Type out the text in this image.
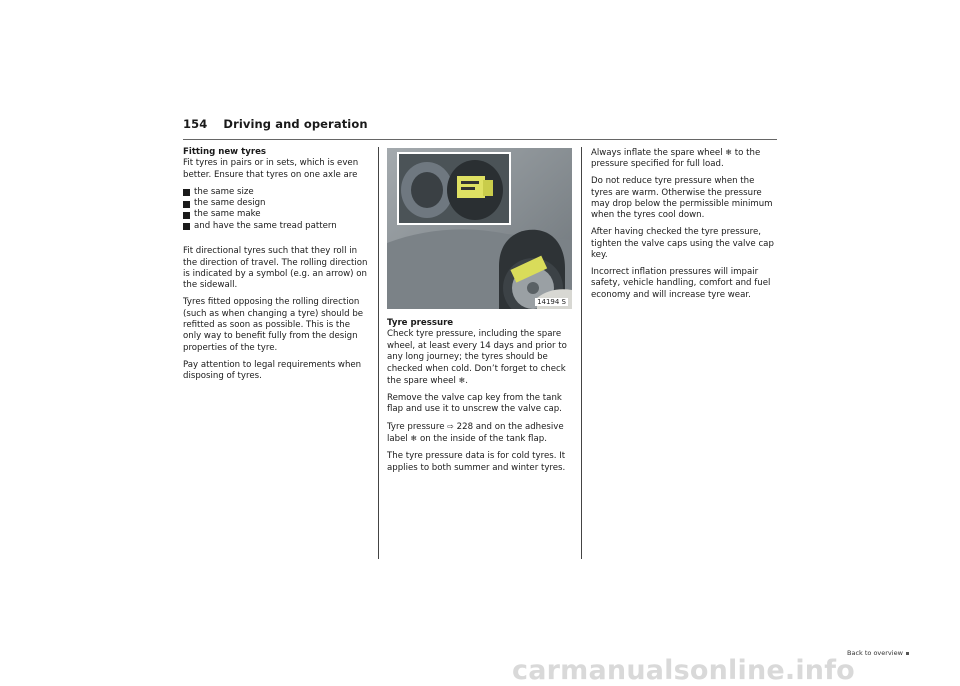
154 Driving and operation

Fitting new tyres
Fit tyres in pairs or in sets, which is even better. Ensure that tyres on one axle are

the same size
the same design
the same make
and have the same tread pattern

Fit directional tyres such that they roll in the direction of travel. The rolling direction is indicated by a symbol (e.g. an arrow) on the sidewall.

Tyres fitted opposing the rolling direction (such as when changing a tyre) should be refitted as soon as possible. This is the only way to benefit fully from the design properties of the tyre.

Pay attention to legal requirements when disposing of tyres.

14194 S

Tyre pressure
Check tyre pressure, including the spare wheel, at least every 14 days and prior to any long journey; the tyres should be checked when cold. Don’t forget to check the spare wheel ❄.

Remove the valve cap key from the tank flap and use it to unscrew the valve cap.

Tyre pressure ⇨ 228 and on the adhesive label ❄ on the inside of the tank flap.

The tyre pressure data is for cold tyres. It applies to both summer and winter tyres.

Always inflate the spare wheel ❄ to the pressure specified for full load.

Do not reduce tyre pressure when the tyres are warm. Otherwise the pressure may drop below the permissible minimum when the tyres cool down.

After having checked the tyre pressure, tighten the valve caps using the valve cap key.

Incorrect inflation pressures will impair safety, vehicle handling, comfort and fuel economy and will increase tyre wear.

Back to overview
carmanualsonline.info
